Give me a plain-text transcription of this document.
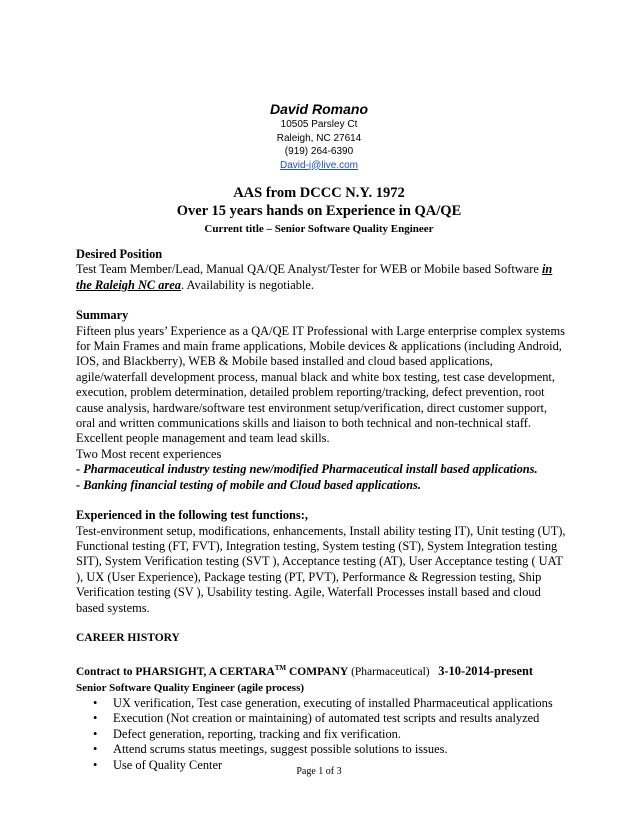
David Romano

10505 Parsley Ct

Raleigh, NC 27614

(919) 264-6390

David-j@live.com

AAS from DCCC N.Y. 1972
Over 15 years hands on Experience in QA/QE
Current title – Senior Software Quality Engineer

Desired Position

Test Team Member/Lead, Manual QA/QE Analyst/Tester for WEB or Mobile based Software in the Raleigh NC area. Availability is negotiable.

Summary

Fifteen plus years’ Experience as a QA/QE IT Professional with Large enterprise complex systems for Main Frames and main frame applications, Mobile devices & applications (including Android, IOS, and Blackberry), WEB & Mobile based installed and cloud based applications, agile/waterfall development process, manual black and white box testing, test case development, execution, problem determination, detailed problem reporting/tracking, defect prevention, root cause analysis, hardware/software test environment setup/verification, direct customer support, oral and written communications skills and liaison to both technical and non-technical staff. Excellent people management and team lead skills.

Two Most recent experiences

- Pharmaceutical industry testing new/modified Pharmaceutical install based applications.

- Banking financial testing of mobile and Cloud based applications.

Experienced in the following test functions:,

Test-environment setup, modifications, enhancements, Install ability testing IT), Unit testing (UT), Functional testing (FT, FVT), Integration testing, System testing (ST), System Integration testing SIT), System Verification testing (SVT ), Acceptance testing (AT), User Acceptance testing ( UAT ), UX (User Experience), Package testing (PT, PVT), Performance & Regression testing, Ship Verification testing (SV ), Usability testing. Agile, Waterfall Processes install based and cloud based systems.

CAREER HISTORY

Contract to PHARSIGHT, A CERTARA™ COMPANY (Pharmaceutical) 3-10-2014-present

Senior Software Quality Engineer (agile process)

• UX verification, Test case generation, executing of installed Pharmaceutical applications
• Execution (Not creation or maintaining) of automated test scripts and results analyzed
• Defect generation, reporting, tracking and fix verification.
• Attend scrums status meetings, suggest possible solutions to issues.
• Use of Quality Center	Page 1 of 3
